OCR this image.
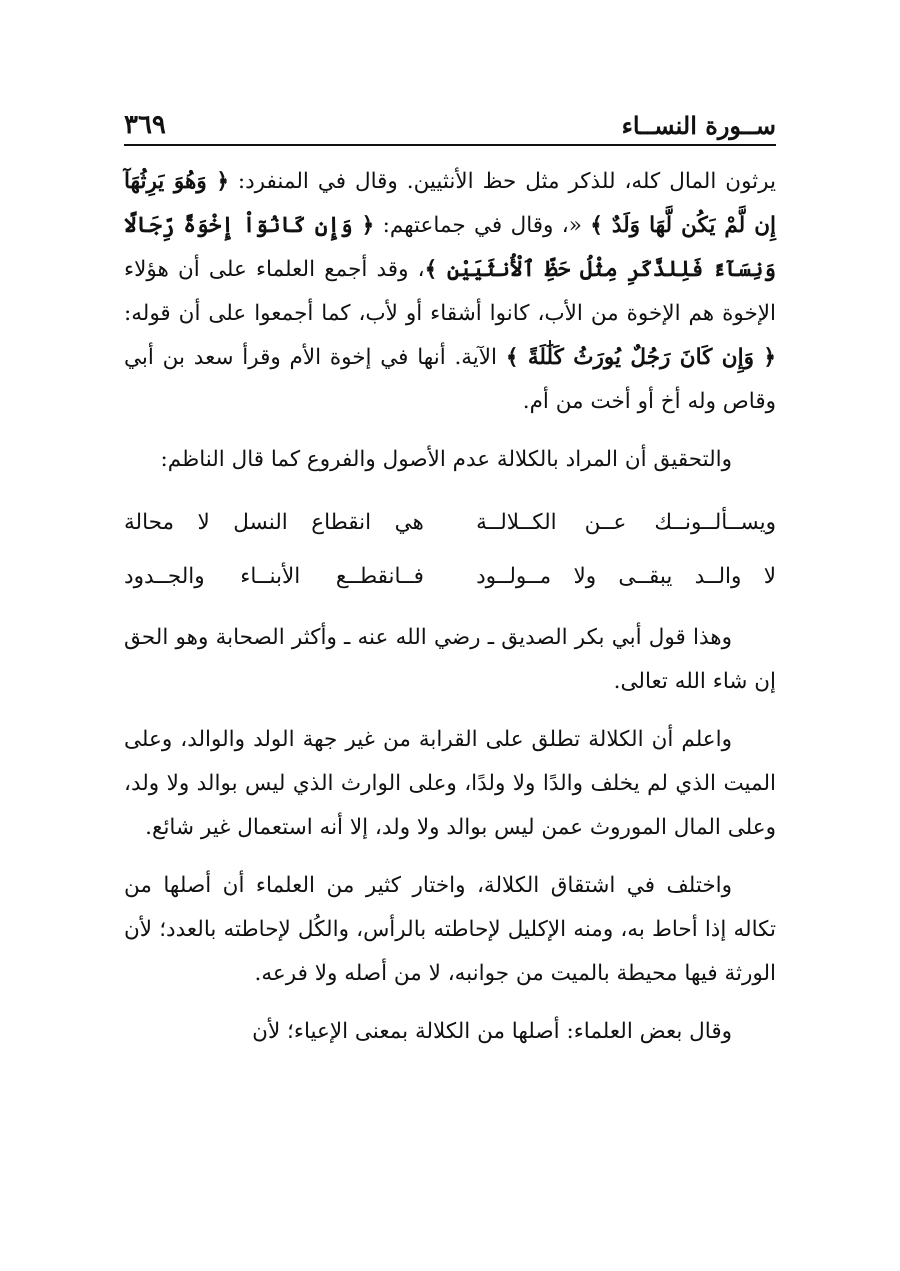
ســورة النســاء
٣٦٩

يرثون المال كله، للذكر مثل حظ الأنثيين. وقال في المنفرد: ﴿ وَهُوَ يَرِثُهَآ إِن لَّمْ يَكُن لَّهَا وَلَدٌ ﴾ «، وقال في جماعتهم: ﴿ وَإِن كَانُوٓاْ إِخْوَةً رِّجَالًا وَنِسَآءً فَلِلذَّكَرِ مِثْلُ حَظِّ ٱلْأُنثَيَيْنِ ﴾، وقد أجمع العلماء على أن هؤلاء الإخوة هم الإخوة من الأب، كانوا أشقاء أو لأب، كما أجمعوا على أن قوله: ﴿ وَإِن كَانَ رَجُلٌ يُورَثُ كَلَٰلَةً ﴾ الآية. أنها في إخوة الأم وقرأ سعد بن أبي وقاص وله أخ أو أخت من أم.

والتحقيق أن المراد بالكلالة عدم الأصول والفروع كما قال الناظم:

ويســألــونــك عــن الكــلالــة
هي انقطاع النسل لا محالة
لا والــد يبقــى ولا مــولــود
فــانقطــع الأبنــاء والجــدود

وهذا قول أبي بكر الصديق ـ رضي الله عنه ـ وأكثر الصحابة وهو الحق إن شاء الله تعالى.

واعلم أن الكلالة تطلق على القرابة من غير جهة الولد والوالد، وعلى الميت الذي لم يخلف والدًا ولا ولدًا، وعلى الوارث الذي ليس بوالد ولا ولد، وعلى المال الموروث عمن ليس بوالد ولا ولد، إلا أنه استعمال غير شائع.

واختلف في اشتقاق الكلالة، واختار كثير من العلماء أن أصلها من تكاله إذا أحاط به، ومنه الإكليل لإحاطته بالرأس، والكُل لإحاطته بالعدد؛ لأن الورثة فيها محيطة بالميت من جوانبه، لا من أصله ولا فرعه.

وقال بعض العلماء: أصلها من الكلالة بمعنى الإعياء؛ لأن
